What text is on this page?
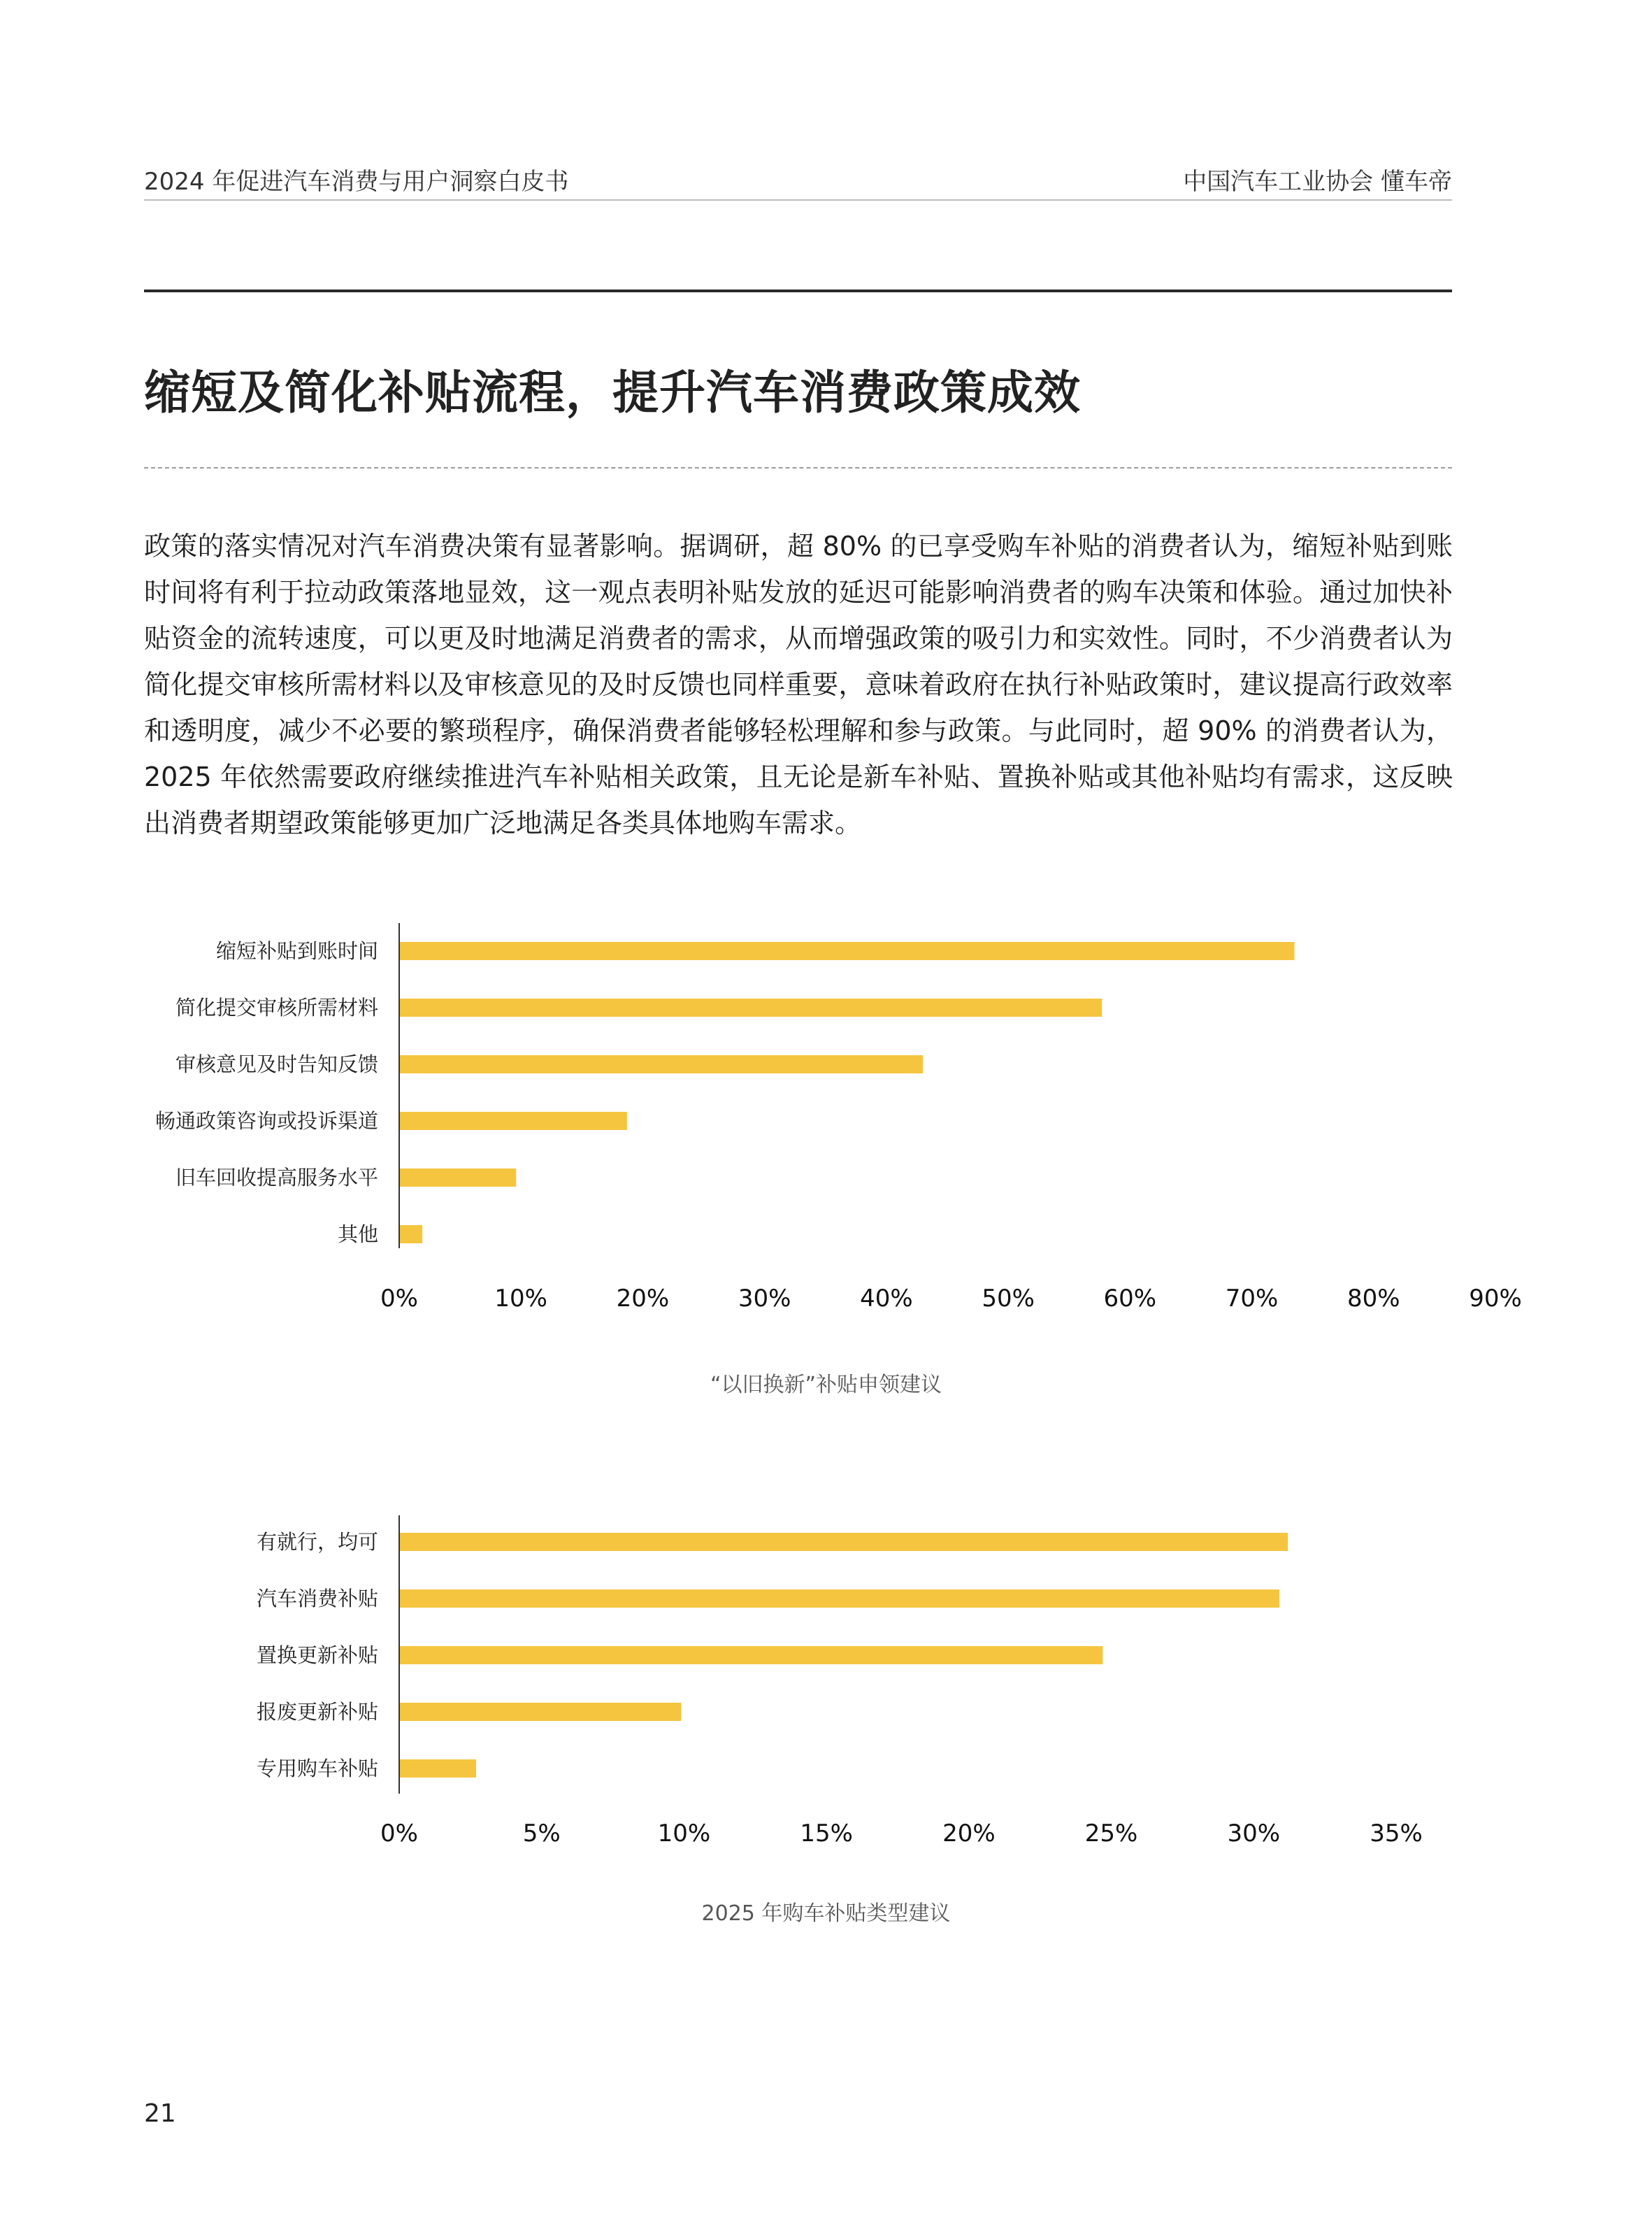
2024 年促进汽车消费与用户洞察白皮书	中国汽车工业协会 懂车帝
缩短及简化补贴流程，提升汽车消费政策成效
政策的落实情况对汽车消费决策有显著影响。据调研，超 80% 的已享受购车补贴的消费者认为，缩短补贴到账时间将有利于拉动政策落地显效，这一观点表明补贴发放的延迟可能影响消费者的购车决策和体验。通过加快补贴资金的流转速度，可以更及时地满足消费者的需求，从而增强政策的吸引力和实效性。同时，不少消费者认为简化提交审核所需材料以及审核意见的及时反馈也同样重要，意味着政府在执行补贴政策时，建议提高行政效率和透明度，减少不必要的繁琐程序，确保消费者能够轻松理解和参与政策。与此同时，超 90% 的消费者认为，2025 年依然需要政府继续推进汽车补贴相关政策，且无论是新车补贴、置换补贴或其他补贴均有需求，这反映出消费者期望政策能够更加广泛地满足各类具体地购车需求。
缩短补贴到账时间
简化提交审核所需材料
审核意见及时告知反馈
畅通政策咨询或投诉渠道
旧车回收提高服务水平
其他
0%	10%	20%	30%	40%	50%	60%	70%	80%	90%
“以旧换新”补贴申领建议
有就行，均可
汽车消费补贴
置换更新补贴
报废更新补贴
专用购车补贴
0%	5%	10%	15%	20%	25%	30%	35%
2025 年购车补贴类型建议
21
